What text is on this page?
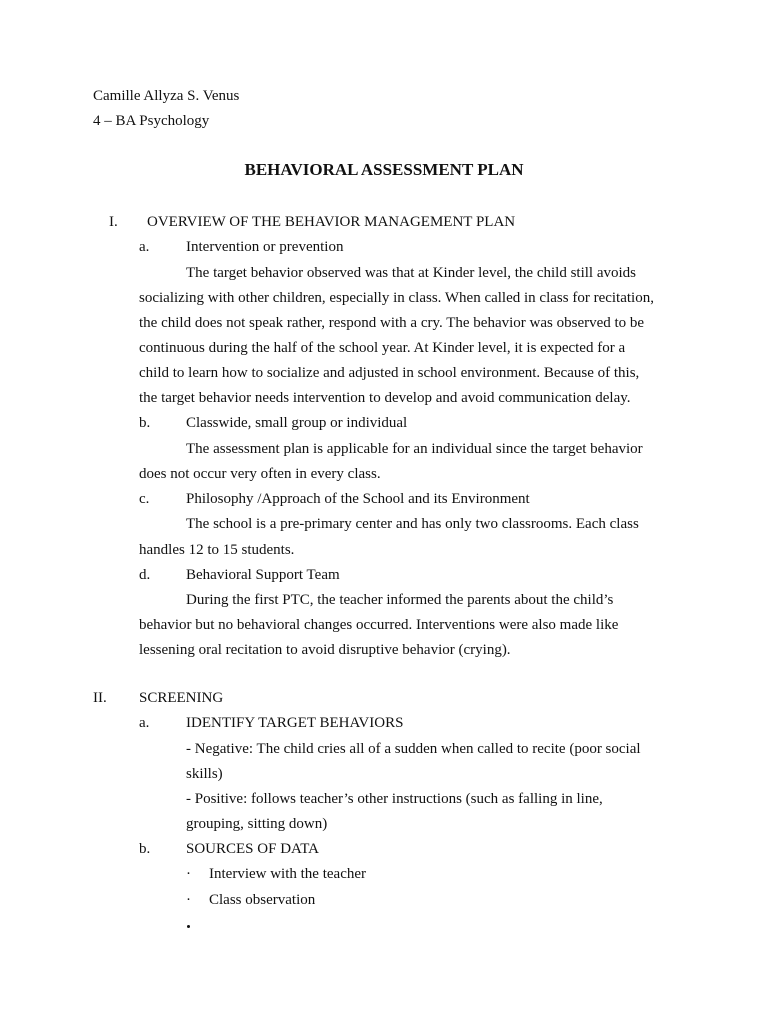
Camille Allyza S. Venus
4 – BA Psychology
BEHAVIORAL ASSESSMENT PLAN
I. OVERVIEW OF THE BEHAVIOR MANAGEMENT PLAN
a. Intervention or prevention
The target behavior observed was that at Kinder level, the child still avoids
socializing with other children, especially in class. When called in class for recitation,
the child does not speak rather, respond with a cry. The behavior was observed to be
continuous during the half of the school year. At Kinder level, it is expected for a
child to learn how to socialize and adjusted in school environment. Because of this,
the target behavior needs intervention to develop and avoid communication delay.
b. Classwide, small group or individual
The assessment plan is applicable for an individual since the target behavior
does not occur very often in every class.
c. Philosophy /Approach of the School and its Environment
The school is a pre-primary center and has only two classrooms. Each class
handles 12 to 15 students.
d. Behavioral Support Team
During the first PTC, the teacher informed the parents about the child’s
behavior but no behavioral changes occurred. Interventions were also made like
lessening oral recitation to avoid disruptive behavior (crying).
II. SCREENING
a. IDENTIFY TARGET BEHAVIORS
- Negative: The child cries all of a sudden when called to recite (poor social
skills)
- Positive: follows teacher’s other instructions (such as falling in line,
grouping, sitting down)
b. SOURCES OF DATA
· Interview with the teacher
· Class observation
